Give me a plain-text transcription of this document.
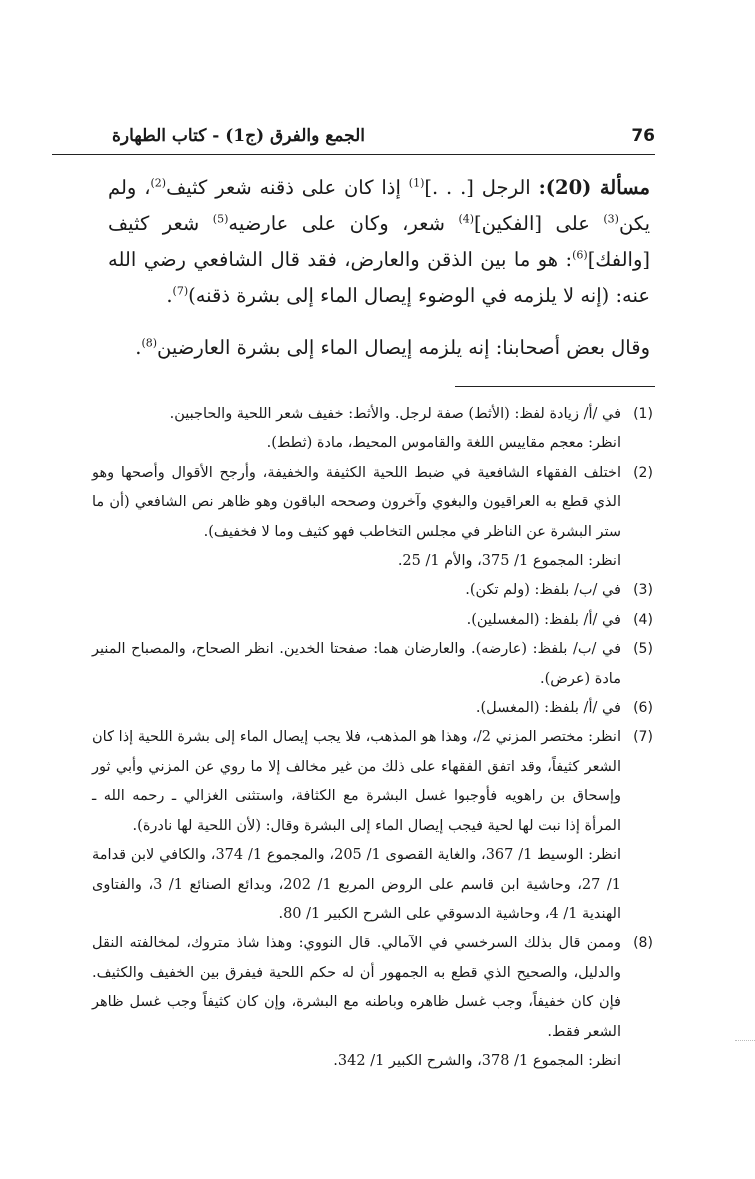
76
الجمع والفرق (ج1) - كتاب الطهارة

مسألة (20): الرجل [. . .]$^{(1)}$ إذا كان على ذقنه شعر كثيف$^{(2)}$، ولم يكن$^{(3)}$ على [الفكين]$^{(4)}$ شعر، وكان على عارضيه$^{(5)}$ شعر كثيف [والفك]$^{(6)}$: هو ما بين الذقن والعارض، فقد قال الشافعي رضي الله عنه: (إنه لا يلزمه في الوضوء إيصال الماء إلى بشرة ذقنه)$^{(7)}$.

وقال بعض أصحابنا: إنه يلزمه إيصال الماء إلى بشرة العارضين$^{(8)}$.

(1)
في /أ/ زيادة لفظ: (الأثط) صفة لرجل. والأثط: خفيف شعر اللحية والحاجبين.
انظر: معجم مقاييس اللغة والقاموس المحيط، مادة (ثطط).
(2)
اختلف الفقهاء الشافعية في ضبط اللحية الكثيفة والخفيفة، وأرجح الأقوال وأصحها وهو الذي قطع به العراقيون والبغوي وآخرون وصححه الباقون وهو ظاهر نص الشافعي (أن ما ستر البشرة عن الناظر في مجلس التخاطب فهو كثيف وما لا فخفيف).
انظر: المجموع 1/ 375، والأم 1/ 25.
(3)
في /ب/ بلفظ: (ولم تكن).
(4)
في /أ/ بلفظ: (المغسلين).
(5)
في /ب/ بلفظ: (عارضه). والعارضان هما: صفحتا الخدين. انظر الصحاح، والمصباح المنير مادة (عرض).
(6)
في /أ/ بلفظ: (المغسل).
(7)
انظر: مختصر المزني 2/، وهذا هو المذهب، فلا يجب إيصال الماء إلى بشرة اللحية إذا كان الشعر كثيفاً، وقد اتفق الفقهاء على ذلك من غير مخالف إلا ما روي عن المزني وأبي ثور وإسحاق بن راهويه فأوجبوا غسل البشرة مع الكثافة، واستثنى الغزالي ـ رحمه الله ـ المرأة إذا نبت لها لحية فيجب إيصال الماء إلى البشرة وقال: (لأن اللحية لها نادرة).
انظر: الوسيط 1/ 367، والغاية القصوى 1/ 205، والمجموع 1/ 374، والكافي لابن قدامة 1/ 27، وحاشية ابن قاسم على الروض المربع 1/ 202، وبدائع الصنائع 1/ 3، والفتاوى الهندية 1/ 4، وحاشية الدسوقي على الشرح الكبير 1/ 80.
(8)
وممن قال بذلك السرخسي في الآمالي. قال النووي: وهذا شاذ متروك، لمخالفته النقل والدليل، والصحيح الذي قطع به الجمهور أن له حكم اللحية فيفرق بين الخفيف والكثيف. فإن كان خفيفاً، وجب غسل ظاهره وباطنه مع البشرة، وإن كان كثيفاً وجب غسل ظاهر الشعر فقط.
انظر: المجموع 1/ 378، والشرح الكبير 1/ 342.
